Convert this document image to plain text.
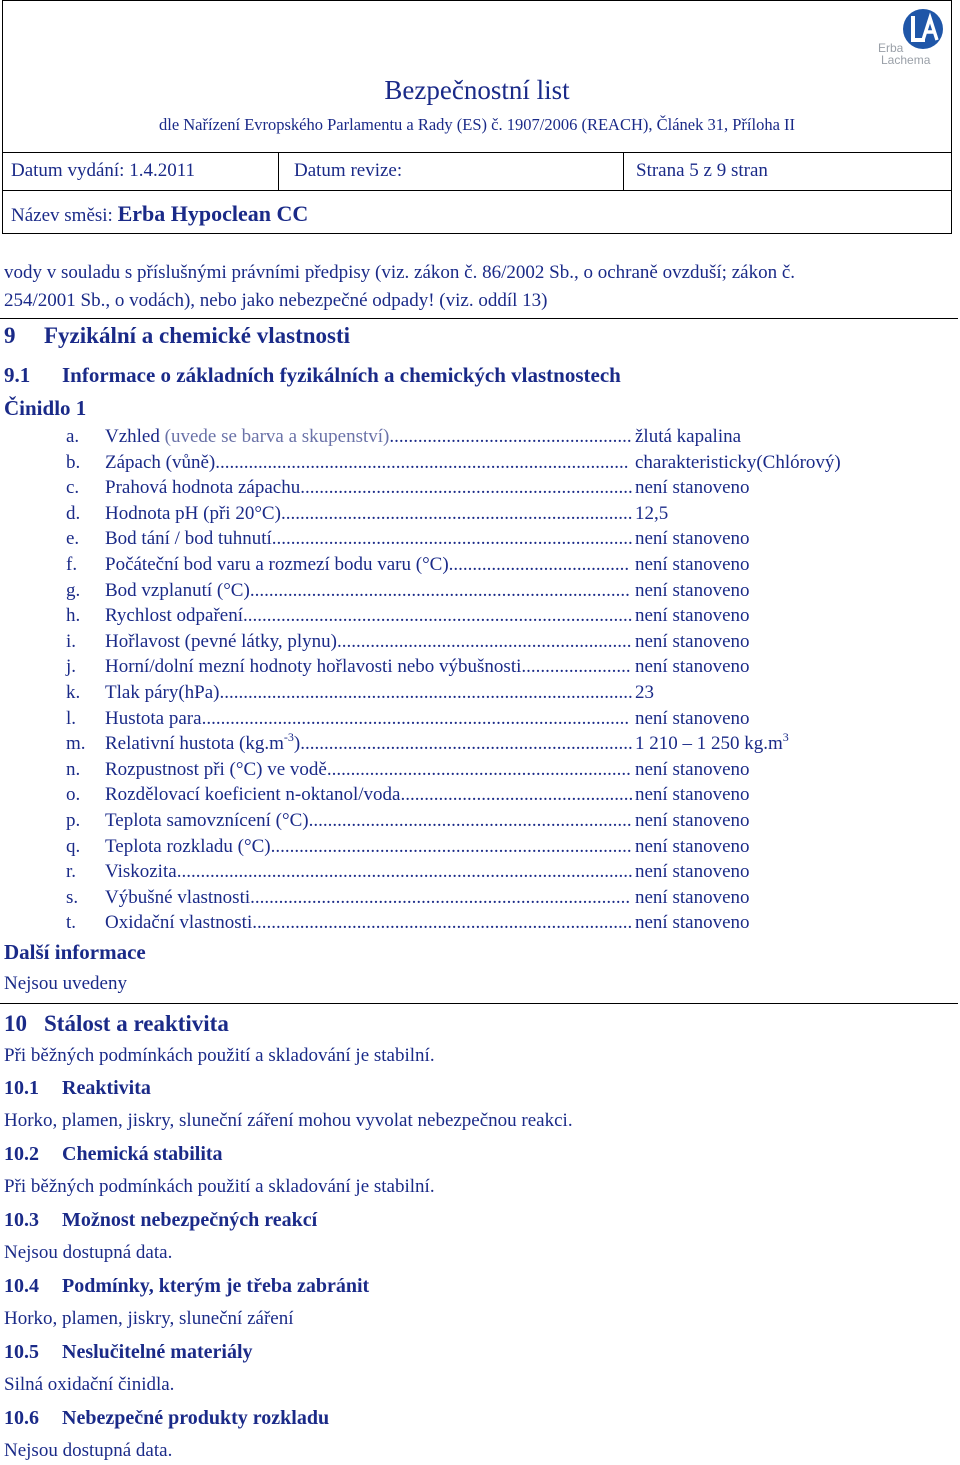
Bezpečnostní list
dle Nařízení Evropského Parlamentu a Rady (ES) č. 1907/2006 (REACH), Článek 31, Příloha II
Erba
Lachema
Datum vydání: 1.4.2011	Datum revize:	Strana 5 z 9 stran
Název směsi: Erba Hypoclean CC
vody v souladu s příslušnými právními předpisy (viz. zákon č. 86/2002 Sb., o ochraně ovzduší; zákon č.
254/2001 Sb., o vodách), nebo jako nebezpečné odpady! (viz. oddíl 13)
9 Fyzikální a chemické vlastnosti
9.1 Informace o základních fyzikálních a chemických vlastnostech
Činidlo 1
a. Vzhled (uvede se barva a skupenství)................................................... žlutá kapalina
b. Zápach (vůně)....................................................................................... charakteristicky(Chlórový)
c. Prahová hodnota zápachu...................................................................... není stanoveno
d. Hodnota pH (při 20°C).......................................................................... 12,5
e. Bod tání / bod tuhnutí............................................................................ není stanoveno
f. Počáteční bod varu a rozmezí bodu varu (°C)...................................... není stanoveno
g. Bod vzplanutí (°C)................................................................................ není stanoveno
h. Rychlost odpaření.................................................................................. není stanoveno
i. Hořlavost (pevné látky, plynu).............................................................. není stanoveno
j. Horní/dolní mezní hodnoty hořlavosti nebo výbušnosti....................... není stanoveno
k. Tlak páry(hPa)....................................................................................... 23
l. Hustota para.......................................................................................... není stanoveno
m. Relativní hustota $(kg.m^{-3})$...................................................................... 1 210 – 1 250 $kg.m^3$
n. Rozpustnost při (°C) ve vodě................................................................ není stanoveno
o. Rozdělovací koeficient n-oktanol/voda................................................. není stanoveno
p. Teplota samovznícení (°C).................................................................... není stanoveno
q. Teplota rozkladu (°C)............................................................................ není stanoveno
r. Viskozita................................................................................................ není stanoveno
s. Výbušné vlastnosti................................................................................ není stanoveno
t. Oxidační vlastnosti................................................................................ není stanoveno
Další informace
Nejsou uvedeny
10 Stálost a reaktivita
Při běžných podmínkách použití a skladování je stabilní.
10.1 Reaktivita
Horko, plamen, jiskry, sluneční záření mohou vyvolat nebezpečnou reakci.
10.2 Chemická stabilita
Při běžných podmínkách použití a skladování je stabilní.
10.3 Možnost nebezpečných reakcí
Nejsou dostupná data.
10.4 Podmínky, kterým je třeba zabránit
Horko, plamen, jiskry, sluneční záření
10.5 Neslučitelné materiály
Silná oxidační činidla.
10.6 Nebezpečné produkty rozkladu
Nejsou dostupná data.
